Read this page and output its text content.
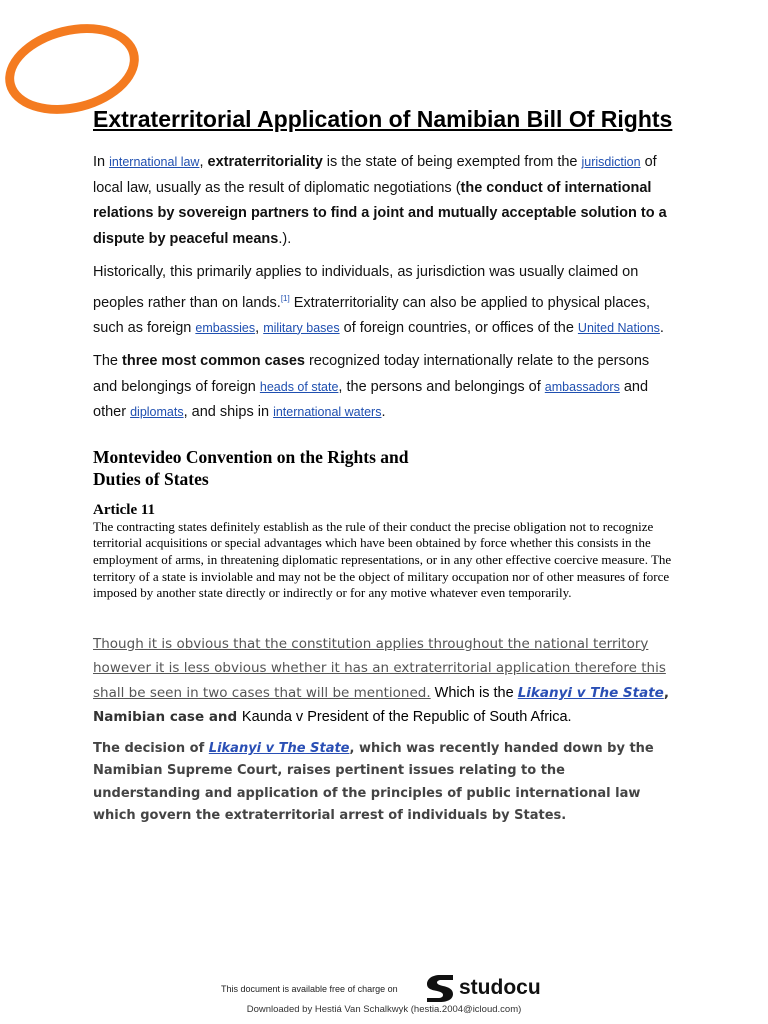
Extraterritorial Application of Namibian Bill Of Rights

In international law, extraterritoriality is the state of being exempted from the jurisdiction of local law, usually as the result of diplomatic negotiations (the conduct of international relations by sovereign partners to find a joint and mutually acceptable solution to a dispute by peaceful means.).

Historically, this primarily applies to individuals, as jurisdiction was usually claimed on peoples rather than on lands.[1] Extraterritoriality can also be applied to physical places, such as foreign embassies, military bases of foreign countries, or offices of the United Nations.

The three most common cases recognized today internationally relate to the persons and belongings of foreign heads of state, the persons and belongings of ambassadors and other diplomats, and ships in international waters.

Montevideo Convention on the Rights and
Duties of States
Article 11

The contracting states definitely establish as the rule of their conduct the precise obligation not to recognize territorial acquisitions or special advantages which have been obtained by force whether this consists in the employment of arms, in threatening diplomatic representations, or in any other effective coercive measure. The territory of a state is inviolable and may not be the object of military occupation nor of other measures of force imposed by another state directly or indirectly or for any motive whatever even temporarily.

Though it is obvious that the constitution applies throughout the national territory however it is less obvious whether it has an extraterritorial application therefore this shall be seen in two cases that will be mentioned. Which is the Likanyi v The State, Namibian case and Kaunda v President of the Republic of South Africa.

The decision of Likanyi v The State, which was recently handed down by the Namibian Supreme Court, raises pertinent issues relating to the understanding and application of the principles of public international law which govern the extraterritorial arrest of individuals by States.

This document is available free of charge on	studocu
Downloaded by Hestiá Van Schalkwyk (hestia.2004@icloud.com)
